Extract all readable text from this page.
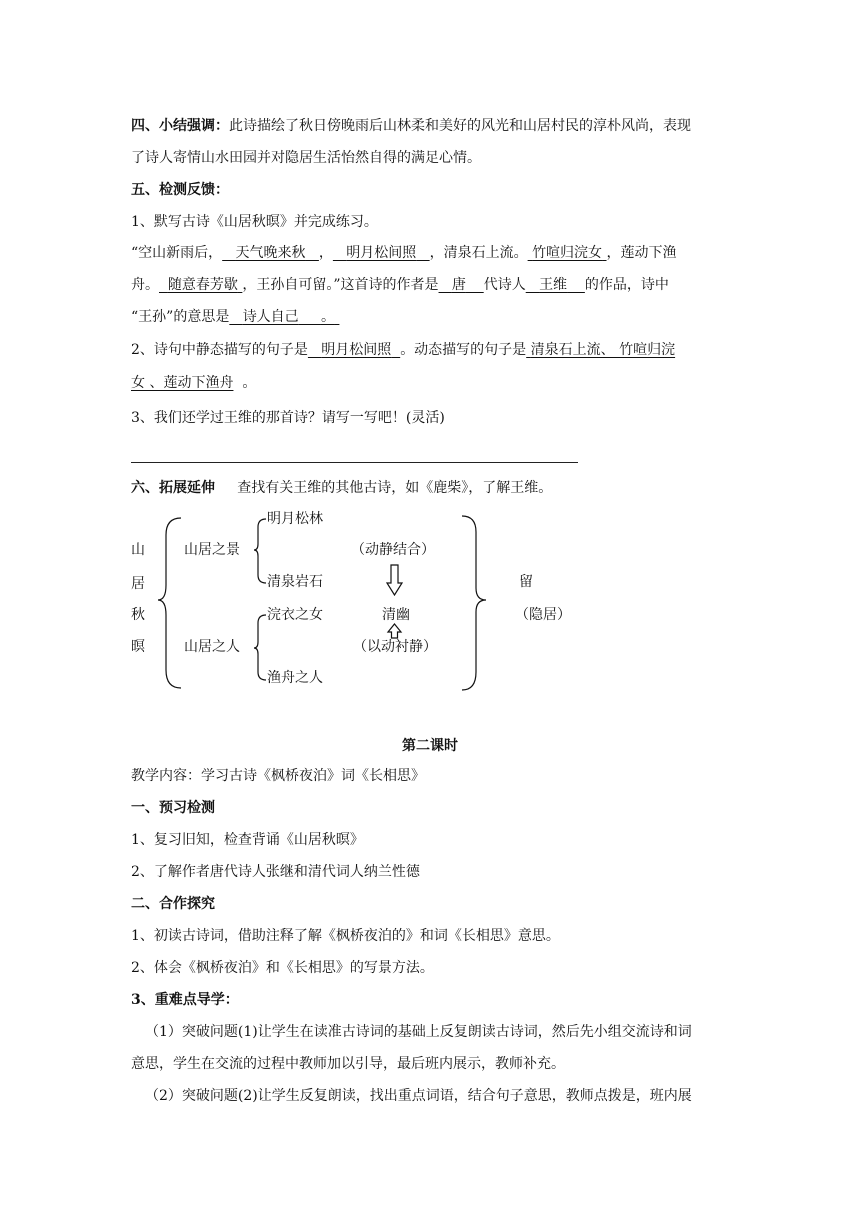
四、小结强调：此诗描绘了秋日傍晚雨后山林柔和美好的风光和山居村民的淳朴风尚，表现
了诗人寄情山水田园并对隐居生活怡然自得的满足心情。
五、检测反馈：
1、默写古诗《山居秋暝》并完成练习。
“空山新雨后， 天气晚来秋 ， 明月松间照 ，清泉石上流。 竹喧归浣女 ，莲动下渔
舟。 随意春芳歇 ，王孙自可留。”这首诗的作者是 唐 代诗人 王维 的作品，诗中
“王孙”的意思是 诗人自己 。
2、诗句中静态描写的句子是 明月松间照 。动态描写的句子是 清泉石上流、 竹喧归浣
女 、莲动下渔舟 。
3、我们还学过王维的那首诗？请写一写吧！(灵活)
六、拓展延伸 查找有关王维的其他古诗，如《鹿柴》，了解王维。
山
居
秋
暝
山居之景
山居之人
明月松林
清泉岩石
浣衣之女
渔舟之人
（动静结合）
清幽
（以动衬静）
留
（隐居）
第二课时
教学内容：学习古诗《枫桥夜泊》词《长相思》
一、预习检测
1、复习旧知，检查背诵《山居秋暝》
2、了解作者唐代诗人张继和清代词人纳兰性德
二、合作探究
1、初读古诗词，借助注释了解《枫桥夜泊的》和词《长相思》意思。
2、体会《枫桥夜泊》和《长相思》的写景方法。
3、重难点导学：
（1）突破问题(1)让学生在读准古诗词的基础上反复朗读古诗词，然后先小组交流诗和词
意思，学生在交流的过程中教师加以引导，最后班内展示，教师补充。
（2）突破问题(2)让学生反复朗读，找出重点词语，结合句子意思，教师点拨是，班内展
